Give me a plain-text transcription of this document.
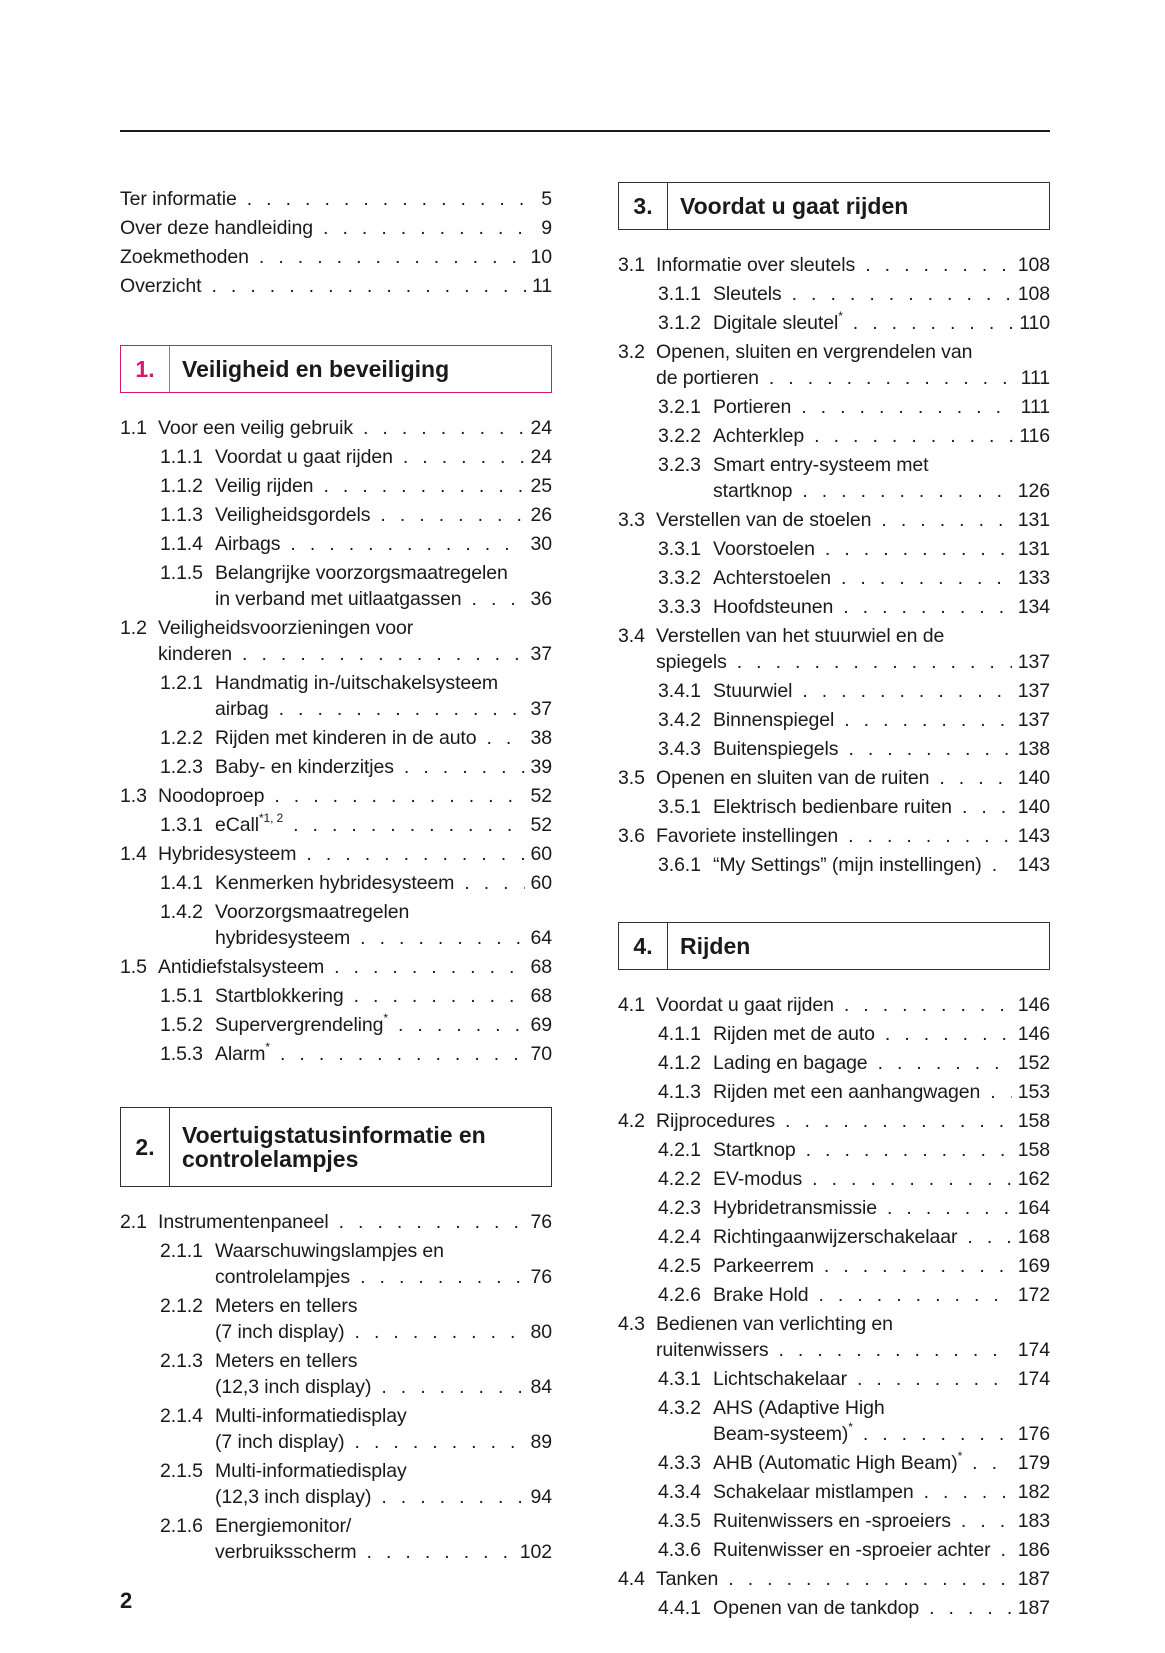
Ter informatie . . .	5
Over deze handleiding . . .	9
Zoekmethoden . . .	10
Overzicht . . .	11
1.	Veiligheid en beveiliging
1.1 Voor een veilig gebruik . . .	24
1.1.1 Voordat u gaat rijden . . .	24
1.1.2 Veilig rijden . . .	25
1.1.3 Veiligheidsgordels . . .	26
1.1.4 Airbags . . .	30
1.1.5 Belangrijke voorzorgsmaatregelen
in verband met uitlaatgassen . . .	36
1.2 Veiligheidsvoorzieningen voor
kinderen . . .	37
1.2.1 Handmatig in-/uitschakelsysteem
airbag . . .	37
1.2.2 Rijden met kinderen in de auto . . .	38
1.2.3 Baby- en kinderzitjes . . .	39
1.3 Noodoproep . . .	52
1.3.1 eCall$^{*1, 2}$ . . .	52
1.4 Hybridesysteem . . .	60
1.4.1 Kenmerken hybridesysteem . . .	60
1.4.2 Voorzorgsmaatregelen
hybridesysteem . . .	64
1.5 Antidiefstalsysteem . . .	68
1.5.1 Startblokkering . . .	68
1.5.2 Supervergrendeling* . . .	69
1.5.3 Alarm* . . .	70
2.	Voertuigstatusinformatie en
controlelampjes
2.1 Instrumentenpaneel . . .	76
2.1.1 Waarschuwingslampjes en
controlelampjes . . .	76
2.1.2 Meters en tellers
(7 inch display) . . .	80
2.1.3 Meters en tellers
(12,3 inch display) . . .	84
2.1.4 Multi-informatiedisplay
(7 inch display) . . .	89
2.1.5 Multi-informatiedisplay
(12,3 inch display) . . .	94
2.1.6 Energiemonitor/
verbruiksscherm . . .	102
3.	Voordat u gaat rijden
3.1 Informatie over sleutels . . .	108
3.1.1 Sleutels . . .	108
3.1.2 Digitale sleutel* . . .	110
3.2 Openen, sluiten en vergrendelen van
de portieren . . .	111
3.2.1 Portieren . . .	111
3.2.2 Achterklep . . .	116
3.2.3 Smart entry-systeem met
startknop . . .	126
3.3 Verstellen van de stoelen . . .	131
3.3.1 Voorstoelen . . .	131
3.3.2 Achterstoelen . . .	133
3.3.3 Hoofdsteunen . . .	134
3.4 Verstellen van het stuurwiel en de
spiegels . . .	137
3.4.1 Stuurwiel . . .	137
3.4.2 Binnenspiegel . . .	137
3.4.3 Buitenspiegels . . .	138
3.5 Openen en sluiten van de ruiten . . .	140
3.5.1 Elektrisch bedienbare ruiten . . .	140
3.6 Favoriete instellingen . . .	143
3.6.1 “My Settings” (mijn instellingen) . . . 143
4.	Rijden
4.1 Voordat u gaat rijden . . .	146
4.1.1 Rijden met de auto . . .	146
4.1.2 Lading en bagage . . .	152
4.1.3 Rijden met een aanhangwagen . . . 153
4.2 Rijprocedures . . .	158
4.2.1 Startknop . . .	158
4.2.2 EV-modus . . .	162
4.2.3 Hybridetransmissie . . .	164
4.2.4 Richtingaanwijzerschakelaar . . .	168
4.2.5 Parkeerrem . . .	169
4.2.6 Brake Hold . . .	172
4.3 Bedienen van verlichting en
ruitenwissers . . .	174
4.3.1 Lichtschakelaar . . .	174
4.3.2 AHS (Adaptive High
Beam-systeem)* . . .	176
4.3.3 AHB (Automatic High Beam)* . . .	179
4.3.4 Schakelaar mistlampen . . .	182
4.3.5 Ruitenwissers en -sproeiers . . .	183
4.3.6 Ruitenwisser en -sproeier achter . . . 186
4.4 Tanken . . .	187
4.4.1 Openen van de tankdop . . .	187
2
